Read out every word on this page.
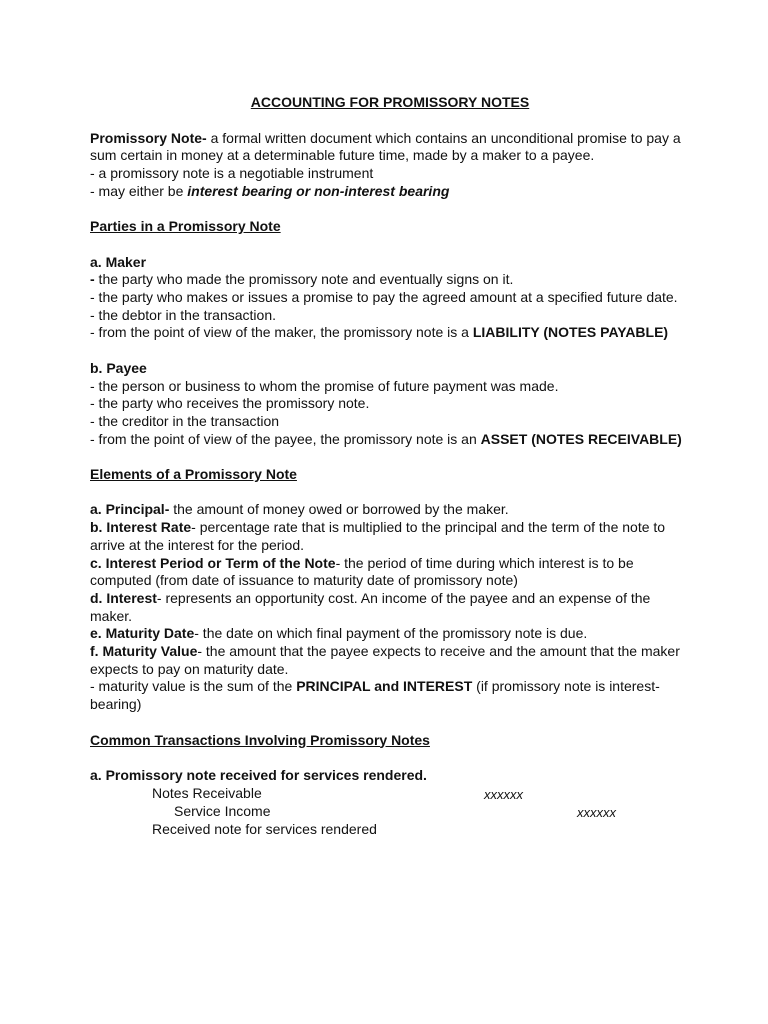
ACCOUNTING FOR PROMISSORY NOTES

Promissory Note- a formal written document which contains an unconditional promise to pay a sum certain in money at a determinable future time, made by a maker to a payee.

- a promissory note is a negotiable instrument

- may either be interest bearing or non-interest bearing

Parties in a Promissory Note

a. Maker

- the party who made the promissory note and eventually signs on it.

- the party who makes or issues a promise to pay the agreed amount at a specified future date.

- the debtor in the transaction.

- from the point of view of the maker, the promissory note is a LIABILITY (NOTES PAYABLE)

b. Payee

- the person or business to whom the promise of future payment was made.

- the party who receives the promissory note.

- the creditor in the transaction

- from the point of view of the payee, the promissory note is an ASSET (NOTES RECEIVABLE)

Elements of a Promissory Note

a. Principal- the amount of money owed or borrowed by the maker.

b. Interest Rate- percentage rate that is multiplied to the principal and the term of the note to arrive at the interest for the period.

c. Interest Period or Term of the Note- the period of time during which interest is to be computed (from date of issuance to maturity date of promissory note)

d. Interest- represents an opportunity cost. An income of the payee and an expense of the maker.

e. Maturity Date- the date on which final payment of the promissory note is due.

f. Maturity Value- the amount that the payee expects to receive and the amount that the maker expects to pay on maturity date.

- maturity value is the sum of the PRINCIPAL and INTEREST (if promissory note is interest-bearing)

Common Transactions Involving Promissory Notes

a. Promissory note received for services rendered.

Notes Receivable	xxxxxx
Service Income	xxxxxx
Received note for services rendered
